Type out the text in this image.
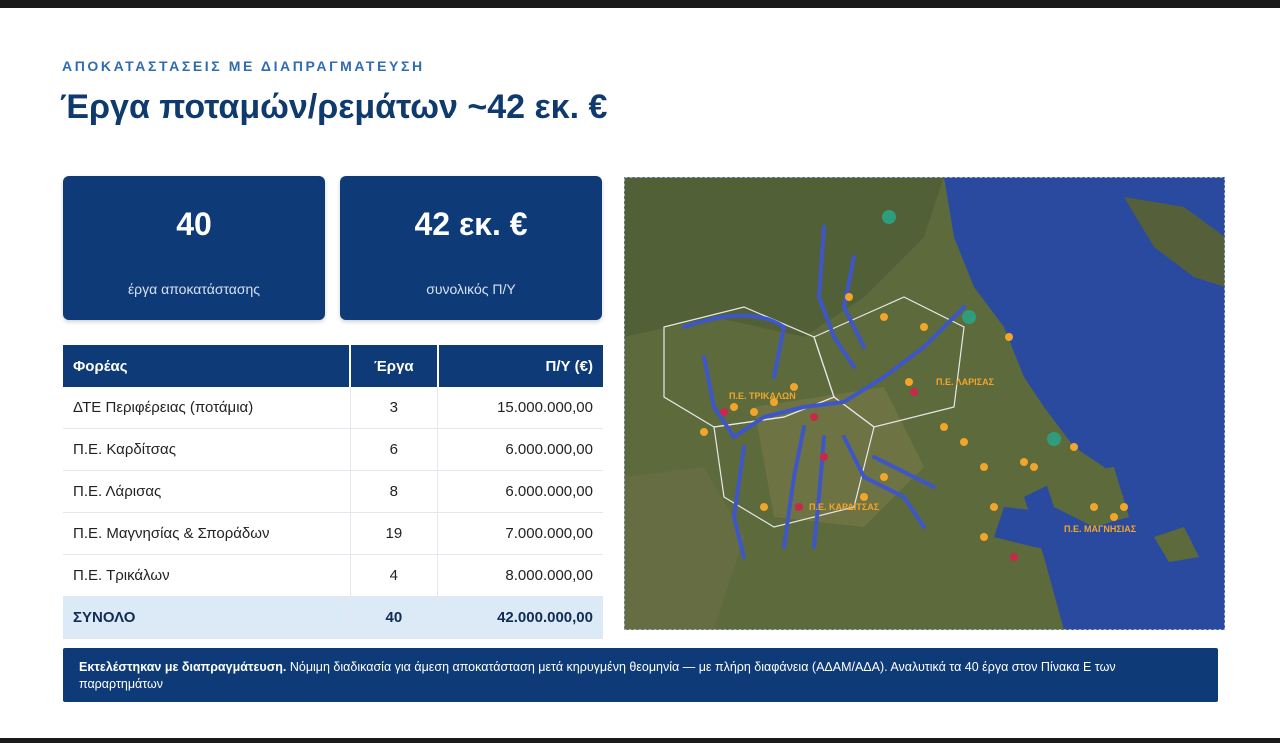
ΑΠΟΚΑΤΑΣΤΑΣΕΙΣ ΜΕ ΔΙΑΠΡΑΓΜΑΤΕΥΣΗ
Έργα ποταμών/ρεμάτων ~42 εκ. €
40
έργα αποκατάστασης
42 εκ. €
συνολικός Π/Υ
Φορέας	Έργα	Π/Υ (€)
ΔΤΕ Περιφέρειας (ποτάμια)	3	15.000.000,00
Π.Ε. Καρδίτσας	6	6.000.000,00
Π.Ε. Λάρισας	8	6.000.000,00
Π.Ε. Μαγνησίας & Σποράδων	19	7.000.000,00
Π.Ε. Τρικάλων	4	8.000.000,00
ΣΥΝΟΛΟ	40	42.000.000,00
Π.Ε. ΤΡΙΚΑΛΩΝ
Π.Ε. ΛΑΡΙΣΑΣ
Π.Ε. ΚΑΡΔΙΤΣΑΣ
Π.Ε. ΜΑΓΝΗΣΙΑΣ
Εκτελέστηκαν με διαπραγμάτευση. Νόμιμη διαδικασία για άμεση αποκατάσταση μετά κηρυγμένη θεομηνία — με πλήρη διαφάνεια (ΑΔΑΜ/ΑΔΑ). Αναλυτικά τα 40 έργα στον Πίνακα Ε των παραρτημάτων
